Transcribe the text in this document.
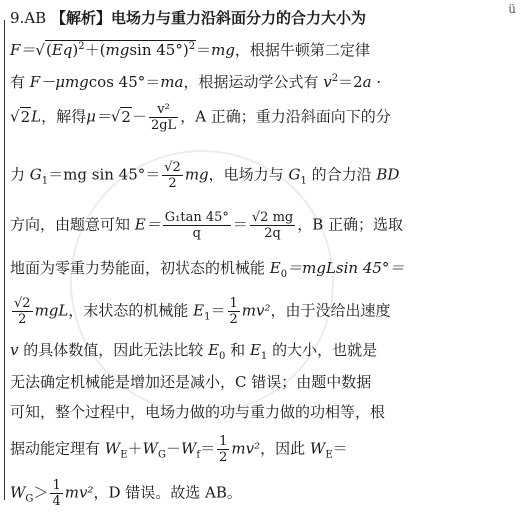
ü
9.AB 【解析】电场力与重力沿斜面分力的合力大小为
$F=√(Eq)^2+(mgsin$ 45°)$^2$＝mg，根据牛顿第二定律
有 F－μmgcos 45°＝ma，根据运动学公式有 $v^2=2a$ ·
√2L，解得$\mu=√2- \frac{\text{v²}}{2gL}$ ，A 正确；重力沿斜面向下的分
力 $G_1=mg$ $\sin 45^\circ= \frac{√2}{2}$ mg，电场力与 $G_1$ 的合力沿 BD
方向，由题意可知 $E= \frac{\text{G₁tan 45°}}{q} = \frac{√2 mg}{2q}$ ，B 正确；选取
地面为零重力势能面，初状态的机械能 $E_0=mgLsin$ 45°＝
$\frac{√2}{2}$ mgL，末状态的机械能 $E_1= \frac{1}{2} mv^2$，由于没给出速度
v 的具体数值，因此无法比较 $E_0$ 和 $E_1$ 的大小，也就是
无法确定机械能是增加还是减小，C 错误；由题中数据
可知，整个过程中，电场力做的功与重力做的功相等，根
据动能定理有 $W_E+W_G-W_f= \frac{1}{2} mv^2$，因此 $W_E=$
$W_G> \frac{1}{4} mv^2$，D 错误。故选 AB。
